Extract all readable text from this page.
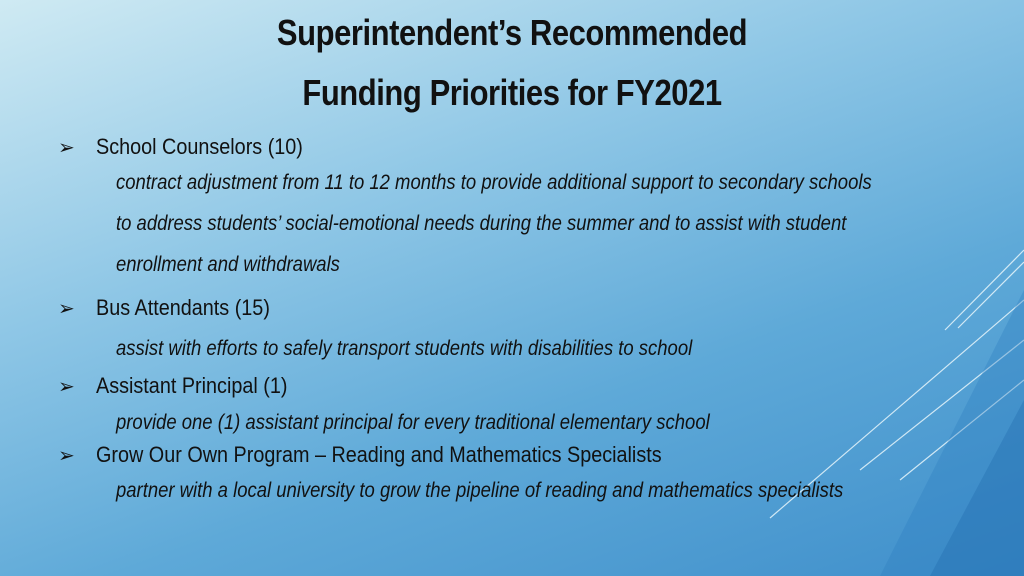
Superintendent’s Recommended
Funding Priorities for FY2021
➢ School Counselors (10)
contract adjustment from 11 to 12 months to provide additional support to secondary schools
to address students’ social-emotional needs during the summer and to assist with student
enrollment and withdrawals
➢ Bus Attendants (15)
assist with efforts to safely transport students with disabilities to school
➢ Assistant Principal (1)
provide one (1) assistant principal for every traditional elementary school
➢ Grow Our Own Program – Reading and Mathematics Specialists
partner with a local university to grow the pipeline of reading and mathematics specialists
